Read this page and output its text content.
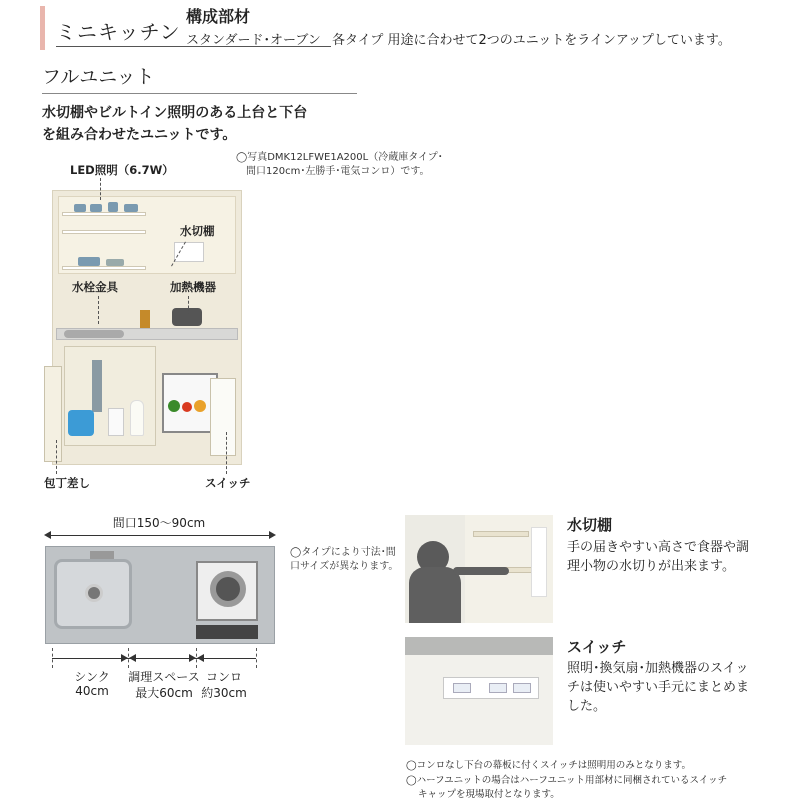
ミニキッチン
構成部材
スタンダード･オーブン 各タイプ 用途に合わせて2つのユニットをラインアップしています。
フルユニット
水切棚やビルトイン照明のある上台と下台
を組み合わせたユニットです。
◯写真DMK12LFWE1A200L（冷蔵庫タイプ･
間口120cm･左勝手･電気コンロ）です。
LED照明（6.7W）
水切棚
水栓金具	加熱機器
包丁差し	スイッチ
間口150～90cm
◯タイプにより寸法･間口サイズが異なります。
シンク
40cm
調理スペース
最大60cm
コンロ
約30cm
水切棚
手の届きやすい高さで食器や調理小物の水切りが出来ます。
スイッチ
照明･換気扇･加熱機器のスイッチは使いやすい手元にまとめました。
◯コンロなし下台の幕板に付くスイッチは照明用のみとなります。
◯ハーフユニットの場合はハーフユニット用部材に同梱されているスイッチ
キャップを現場取付となります。
